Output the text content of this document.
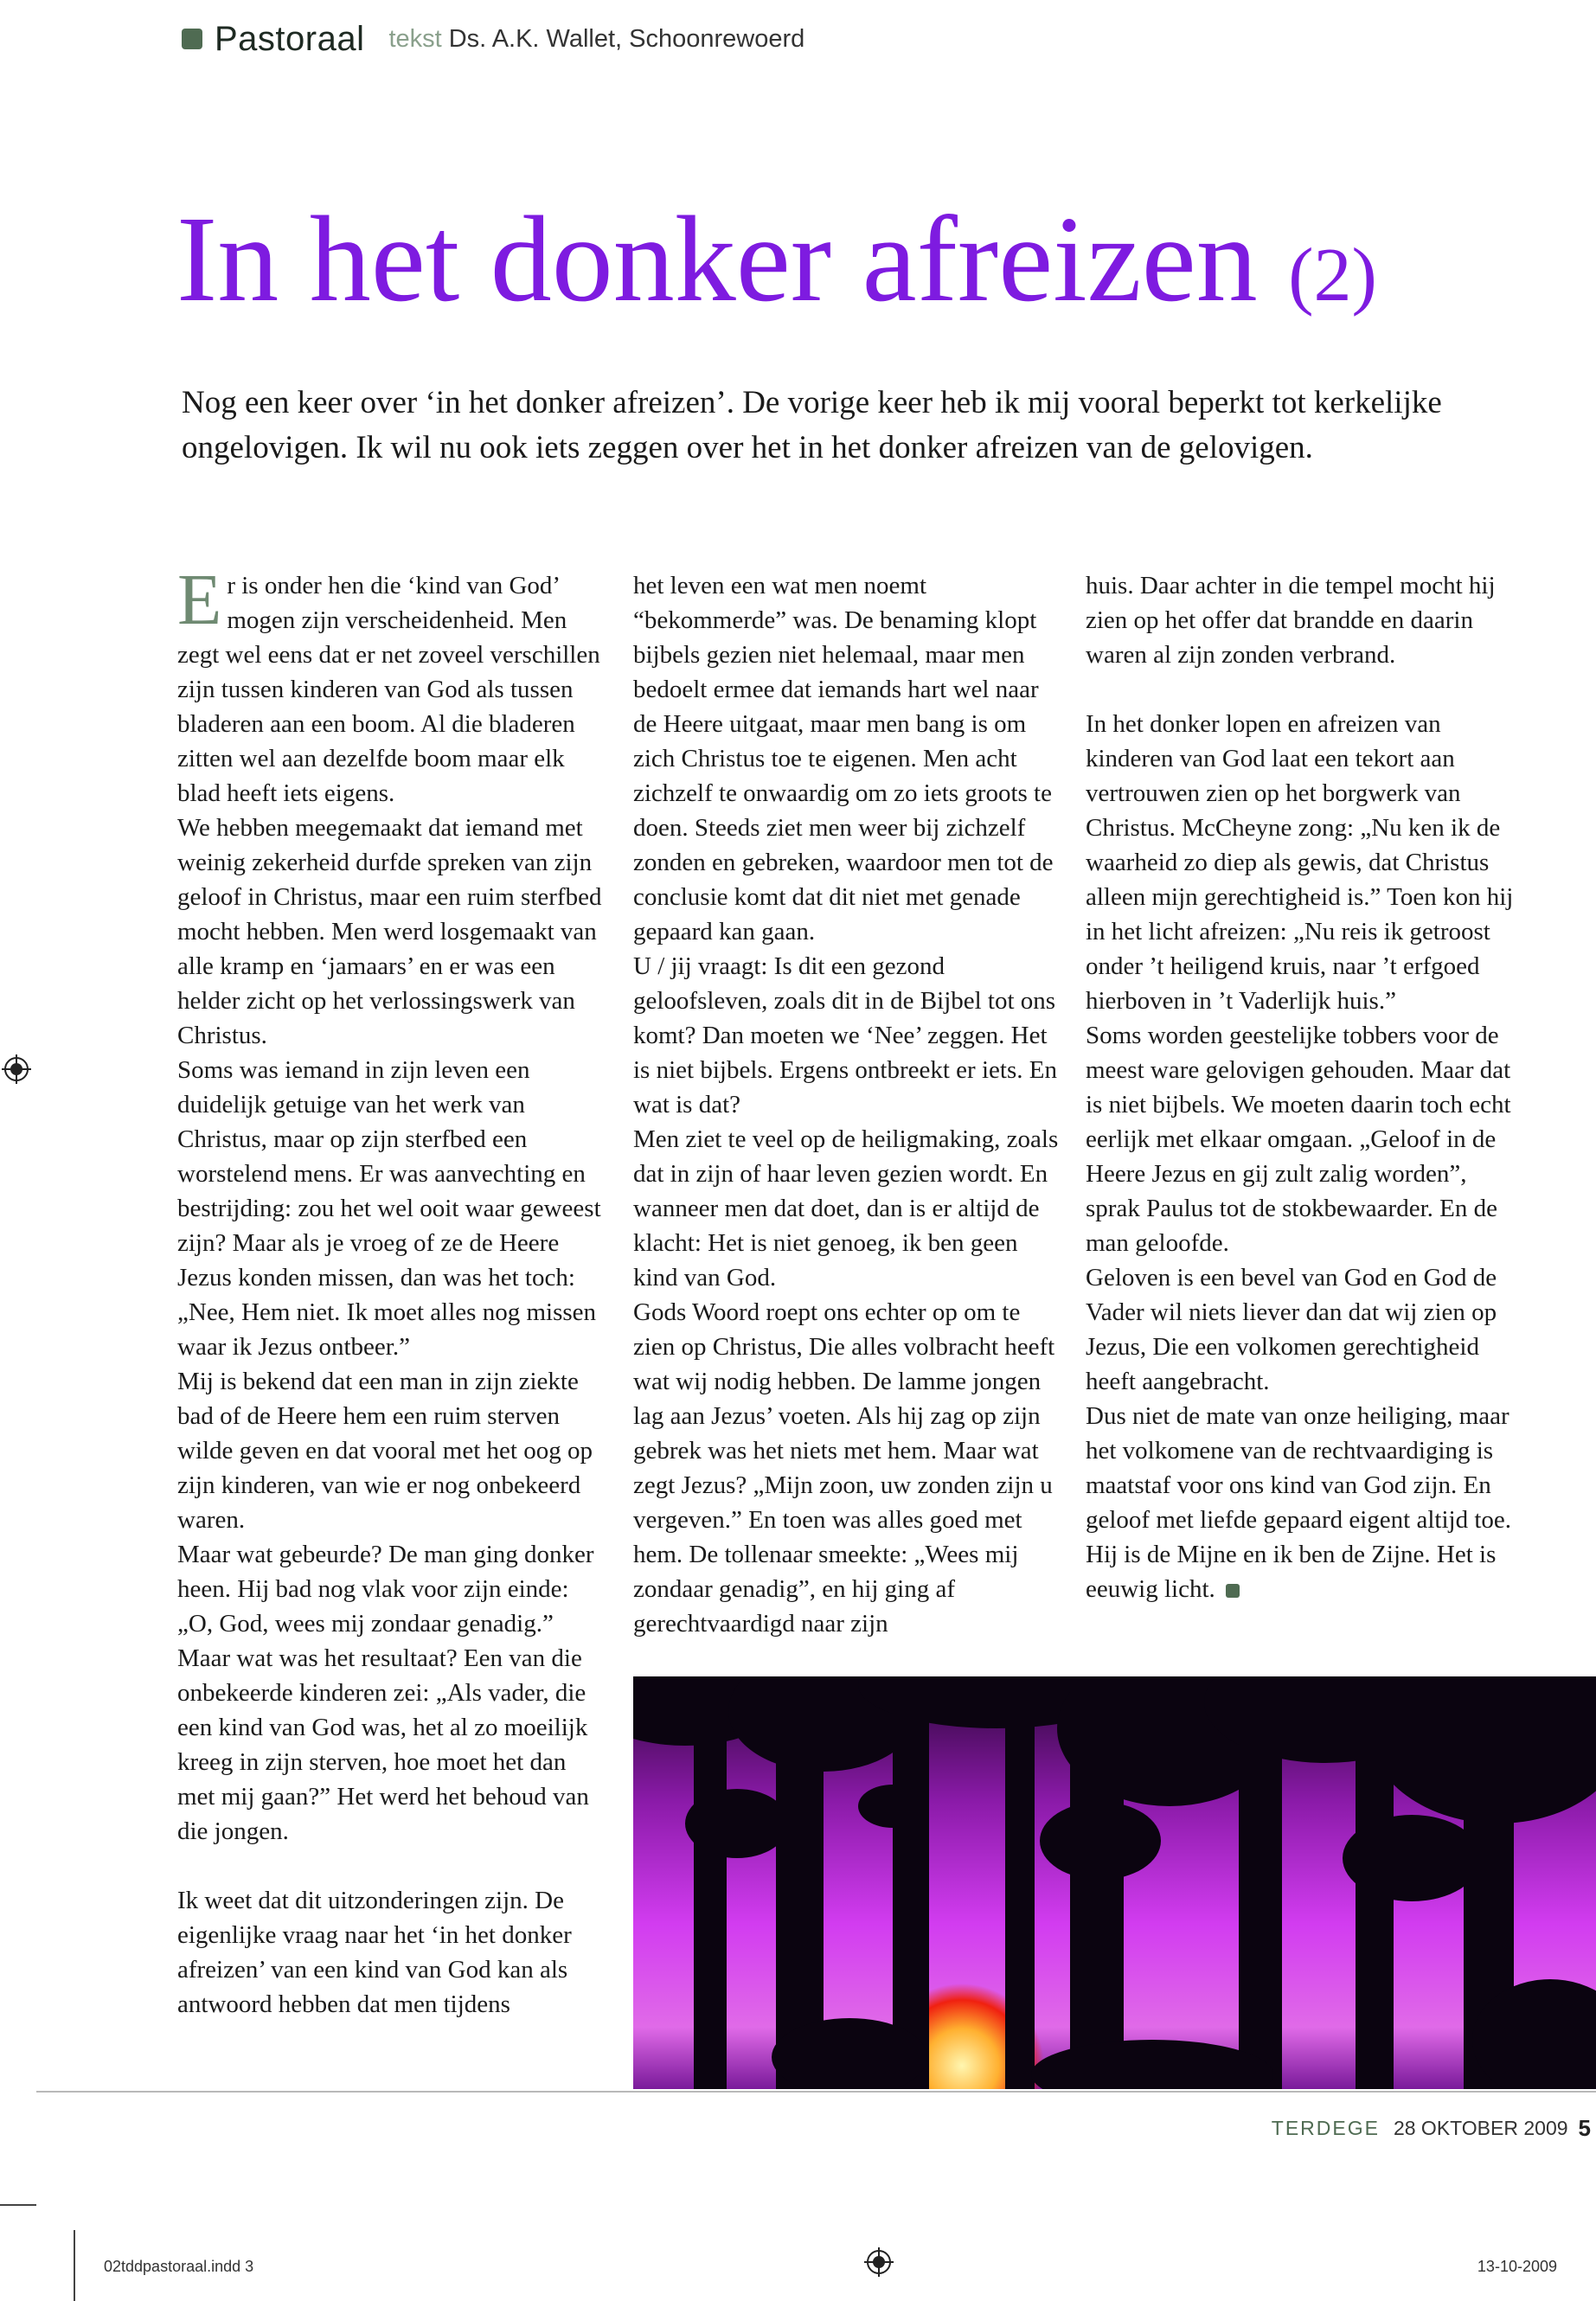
Pastoraal tekst Ds. A.K. Wallet, Schoonrewoerd
In het donker afreizen (2)

Nog een keer over ‘in het donker afreizen’. De vorige keer heb ik mij vooral beperkt tot kerkelijke ongelovigen. Ik wil nu ook iets zeggen over het in het donker afreizen van de gelovigen.

Er is onder hen die ‘kind van God’ mogen zijn verscheidenheid. Men zegt wel eens dat er net zoveel verschillen zijn tussen kinderen van God als tussen bladeren aan een boom. Al die bladeren zitten wel aan dezelfde boom maar elk blad heeft iets eigens.

We hebben meegemaakt dat iemand met weinig zekerheid durfde spreken van zijn geloof in Christus, maar een ruim sterfbed mocht hebben. Men werd losgemaakt van alle kramp en ‘jamaars’ en er was een helder zicht op het verlossingswerk van Christus.

Soms was iemand in zijn leven een duidelijk getuige van het werk van Christus, maar op zijn sterfbed een worstelend mens. Er was aanvechting en bestrijding: zou het wel ooit waar geweest zijn? Maar als je vroeg of ze de Heere Jezus konden missen, dan was het toch: „Nee, Hem niet. Ik moet alles nog missen waar ik Jezus ontbeer.”

Mij is bekend dat een man in zijn ziekte bad of de Heere hem een ruim sterven wilde geven en dat vooral met het oog op zijn kinderen, van wie er nog onbekeerd waren.

Maar wat gebeurde? De man ging donker heen. Hij bad nog vlak voor zijn einde: „O, God, wees mij zondaar genadig.” Maar wat was het resultaat? Een van die onbekeerde kinderen zei: „Als vader, die een kind van God was, het al zo moeilijk kreeg in zijn sterven, hoe moet het dan met mij gaan?” Het werd het behoud van die jongen.

Ik weet dat dit uitzonderingen zijn. De eigenlijke vraag naar het ‘in het donker afreizen’ van een kind van God kan als antwoord hebben dat men tijdens

het leven een wat men noemt “bekommerde” was. De benaming klopt bijbels gezien niet helemaal, maar men bedoelt ermee dat iemands hart wel naar de Heere uitgaat, maar men bang is om zich Christus toe te eigenen. Men acht zichzelf te onwaardig om zo iets groots te doen. Steeds ziet men weer bij zichzelf zonden en gebreken, waardoor men tot de conclusie komt dat dit niet met genade gepaard kan gaan.

U / jij vraagt: Is dit een gezond geloofsleven, zoals dit in de Bijbel tot ons komt? Dan moeten we ‘Nee’ zeggen. Het is niet bijbels. Ergens ontbreekt er iets. En wat is dat?

Men ziet te veel op de heiligmaking, zoals dat in zijn of haar leven gezien wordt. En wanneer men dat doet, dan is er altijd de klacht: Het is niet genoeg, ik ben geen kind van God.

Gods Woord roept ons echter op om te zien op Christus, Die alles volbracht heeft wat wij nodig hebben. De lamme jongen lag aan Jezus’ voeten. Als hij zag op zijn gebrek was het niets met hem. Maar wat zegt Jezus? „Mijn zoon, uw zonden zijn u vergeven.” En toen was alles goed met hem. De tollenaar smeekte: „Wees mij zondaar genadig”, en hij ging af gerechtvaardigd naar zijn

huis. Daar achter in die tempel mocht hij zien op het offer dat brandde en daarin waren al zijn zonden verbrand.

In het donker lopen en afreizen van kinderen van God laat een tekort aan vertrouwen zien op het borgwerk van Christus. McCheyne zong: „Nu ken ik de waarheid zo diep als gewis, dat Christus alleen mijn gerechtigheid is.” Toen kon hij in het licht afreizen: „Nu reis ik getroost onder ’t heiligend kruis, naar ’t erfgoed hierboven in ’t Vaderlijk huis.”

Soms worden geestelijke tobbers voor de meest ware gelovigen gehouden. Maar dat is niet bijbels. We moeten daarin toch echt eerlijk met elkaar omgaan. „Geloof in de Heere Jezus en gij zult zalig worden”, sprak Paulus tot de stokbewaarder. En de man geloofde.

Geloven is een bevel van God en God de Vader wil niets liever dan dat wij zien op Jezus, Die een volkomen gerechtigheid heeft aangebracht.

Dus niet de mate van onze heiliging, maar het volkomene van de rechtvaardiging is maatstaf voor ons kind van God zijn. En geloof met liefde gepaard eigent altijd toe. Hij is de Mijne en ik ben de Zijne. Het is eeuwig licht.

TERDEGE 28 OKTOBER 2009 5
02tddpastoraal.indd 3	13-10-2009
